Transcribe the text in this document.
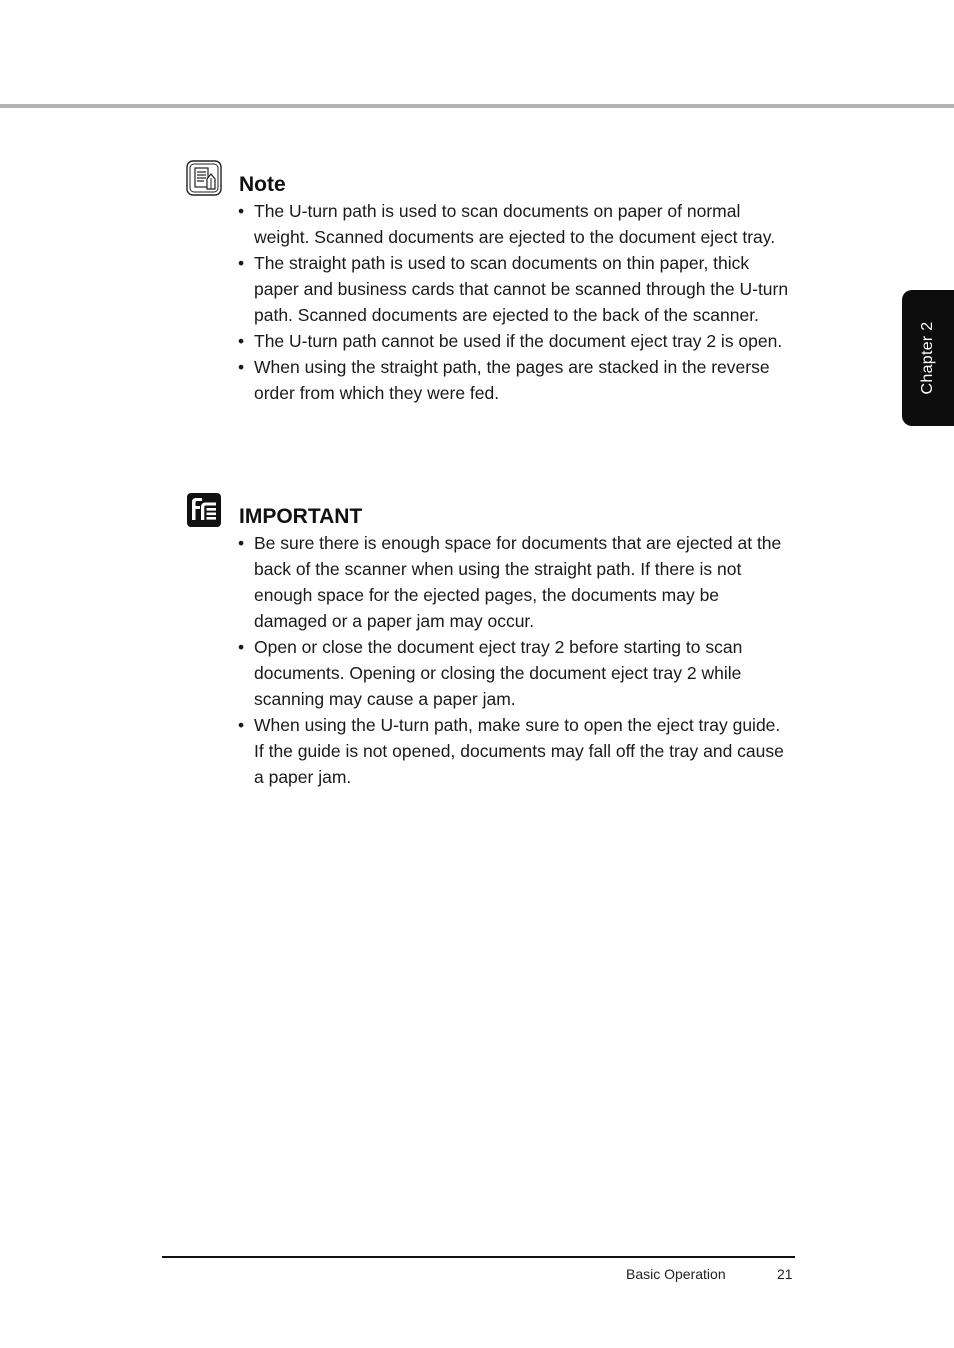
Chapter 2
Note
• The U-turn path is used to scan documents on paper of normal weight. Scanned documents are ejected to the document eject tray.
• The straight path is used to scan documents on thin paper, thick paper and business cards that cannot be scanned through the U-turn path. Scanned documents are ejected to the back of the scanner.
• The U-turn path cannot be used if the document eject tray 2 is open.
• When using the straight path, the pages are stacked in the reverse order from which they were fed.
IMPORTANT
• Be sure there is enough space for documents that are ejected at the back of the scanner when using the straight path. If there is not enough space for the ejected pages, the documents may be damaged or a paper jam may occur.
• Open or close the document eject tray 2 before starting to scan documents. Opening or closing the document eject tray 2 while scanning may cause a paper jam.
• When using the U-turn path, make sure to open the eject tray guide. If the guide is not opened, documents may fall off the tray and cause a paper jam.
Basic Operation	21
